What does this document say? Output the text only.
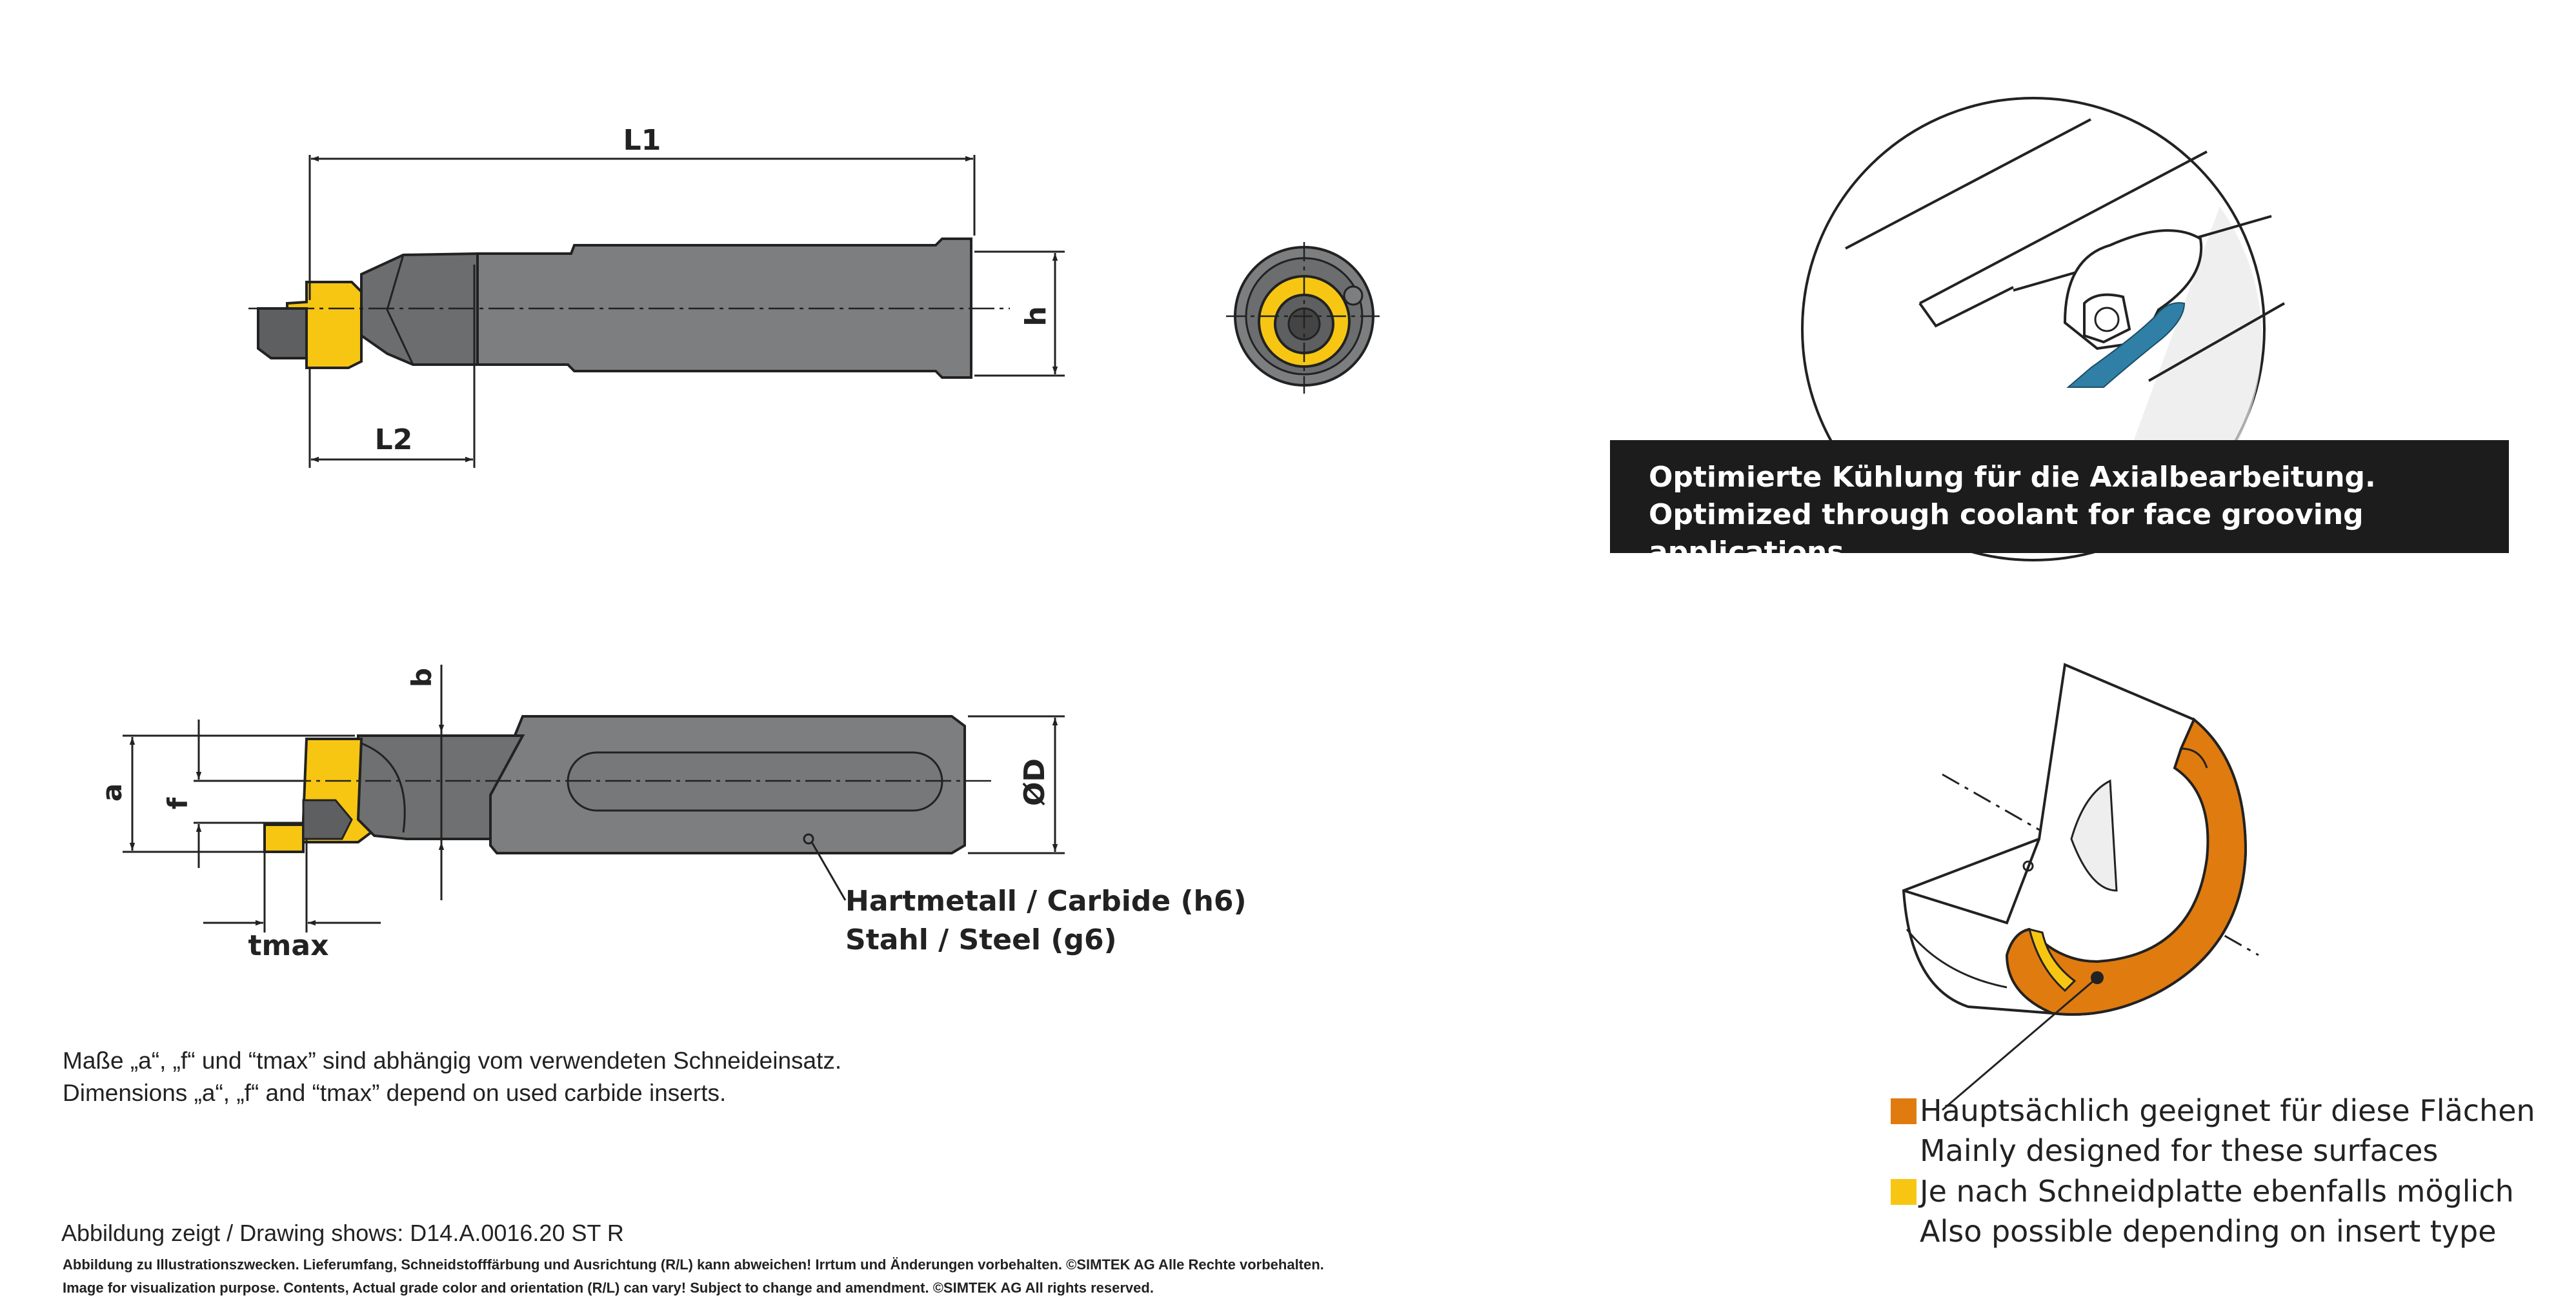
L1
L2
h
b
a
f
tmax
ØD
Hartmetall / Carbide (h6)
Stahl / Steel (g6)
Maße „a“, „f“ und “tmax” sind abhängig vom verwendeten Schneideinsatz.
Dimensions „a“, „f“ and “tmax” depend on used carbide inserts.
Abbildung zeigt / Drawing shows: D14.A.0016.20 ST R
Abbildung zu Illustrationszwecken. Lieferumfang, Schneidstofffärbung und Ausrichtung (R/L) kann abweichen! Irrtum und Änderungen vorbehalten. ©SIMTEK AG Alle Rechte vorbehalten.
Image for visualization purpose. Contents, Actual grade color and orientation (R/L) can vary! Subject to change and amendment. ©SIMTEK AG All rights reserved.
Optimierte Kühlung für die Axialbearbeitung.
Optimized through coolant for face grooving applications.
Hauptsächlich geeignet für diese Flächen
Mainly designed for these surfaces
Je nach Schneidplatte ebenfalls möglich
Also possible depending on insert type
